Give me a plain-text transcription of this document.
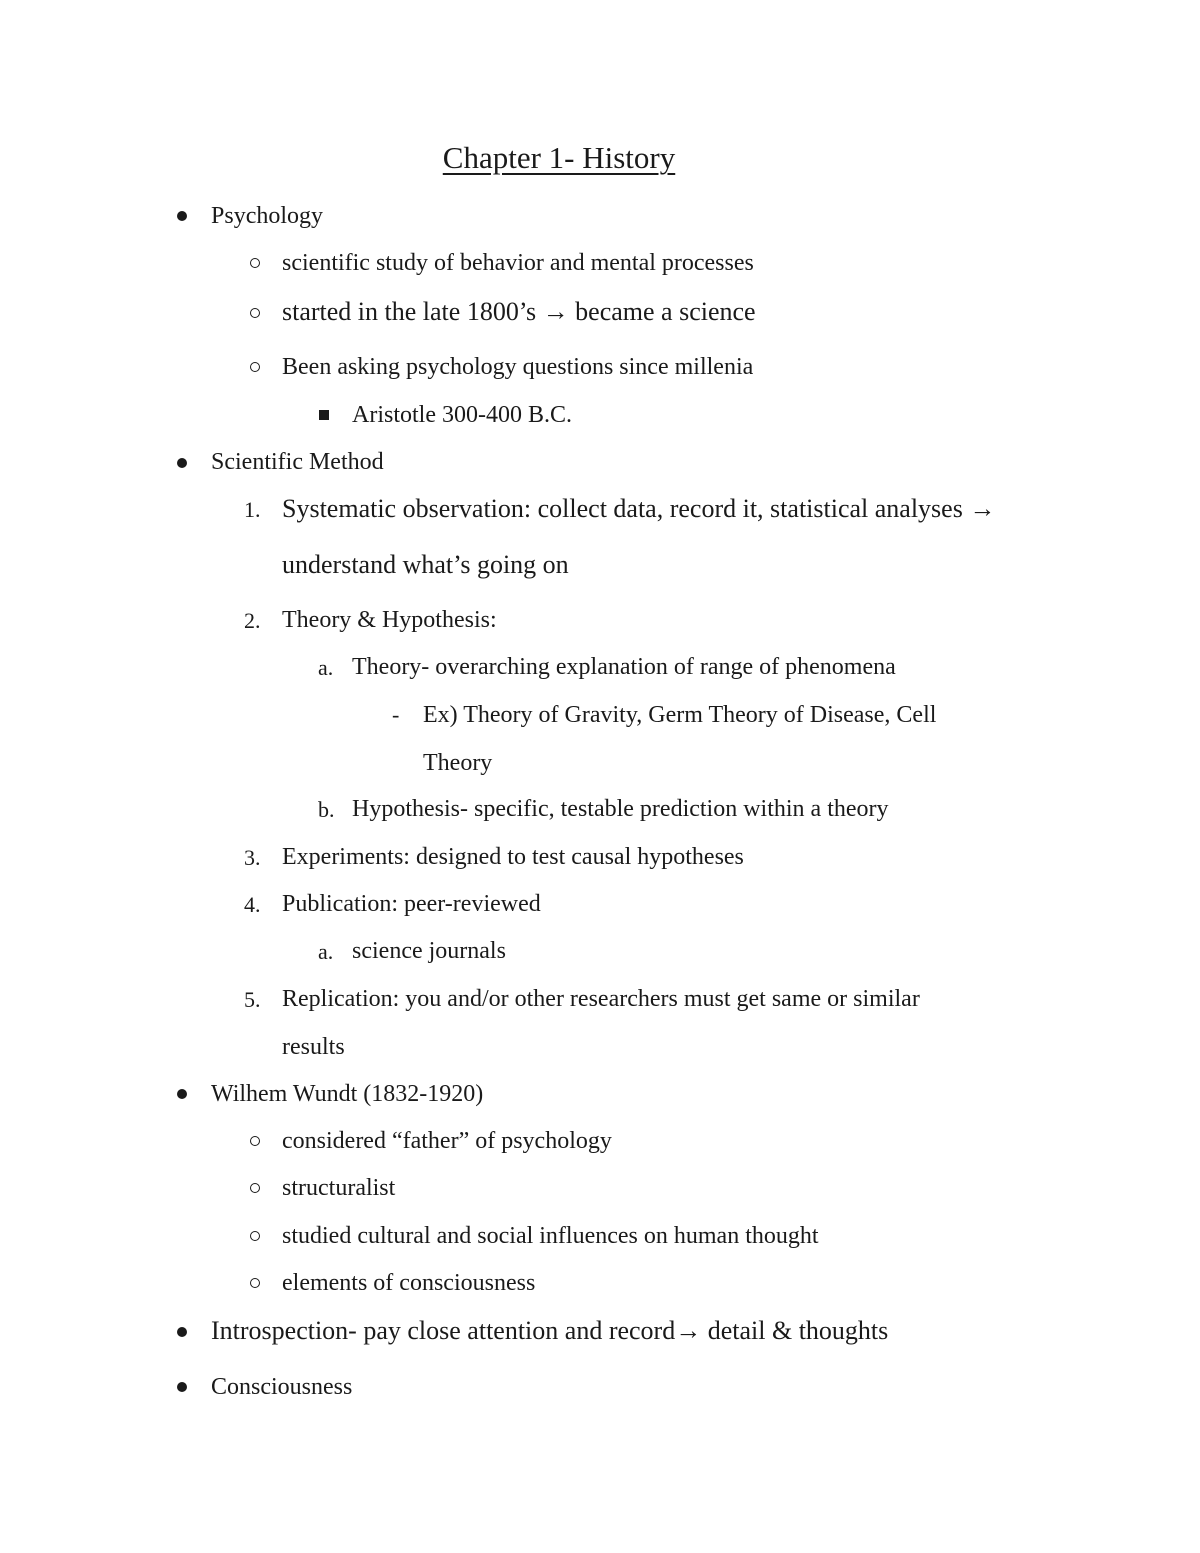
Chapter 1- History
Psychology
scientific study of behavior and mental processes
started in the late 1800’s → became a science
Been asking psychology questions since millenia
Aristotle 300-400 B.C.
Scientific Method
1. Systematic observation: collect data, record it, statistical analyses →
understand what’s going on
2. Theory & Hypothesis:
a. Theory- overarching explanation of range of phenomena
- Ex) Theory of Gravity, Germ Theory of Disease, Cell
Theory
b. Hypothesis- specific, testable prediction within a theory
3. Experiments: designed to test causal hypotheses
4. Publication: peer-reviewed
a. science journals
5. Replication: you and/or other researchers must get same or similar
results
Wilhem Wundt (1832-1920)
considered “father” of psychology
structuralist
studied cultural and social influences on human thought
elements of consciousness
Introspection- pay close attention and record→ detail & thoughts
Consciousness
